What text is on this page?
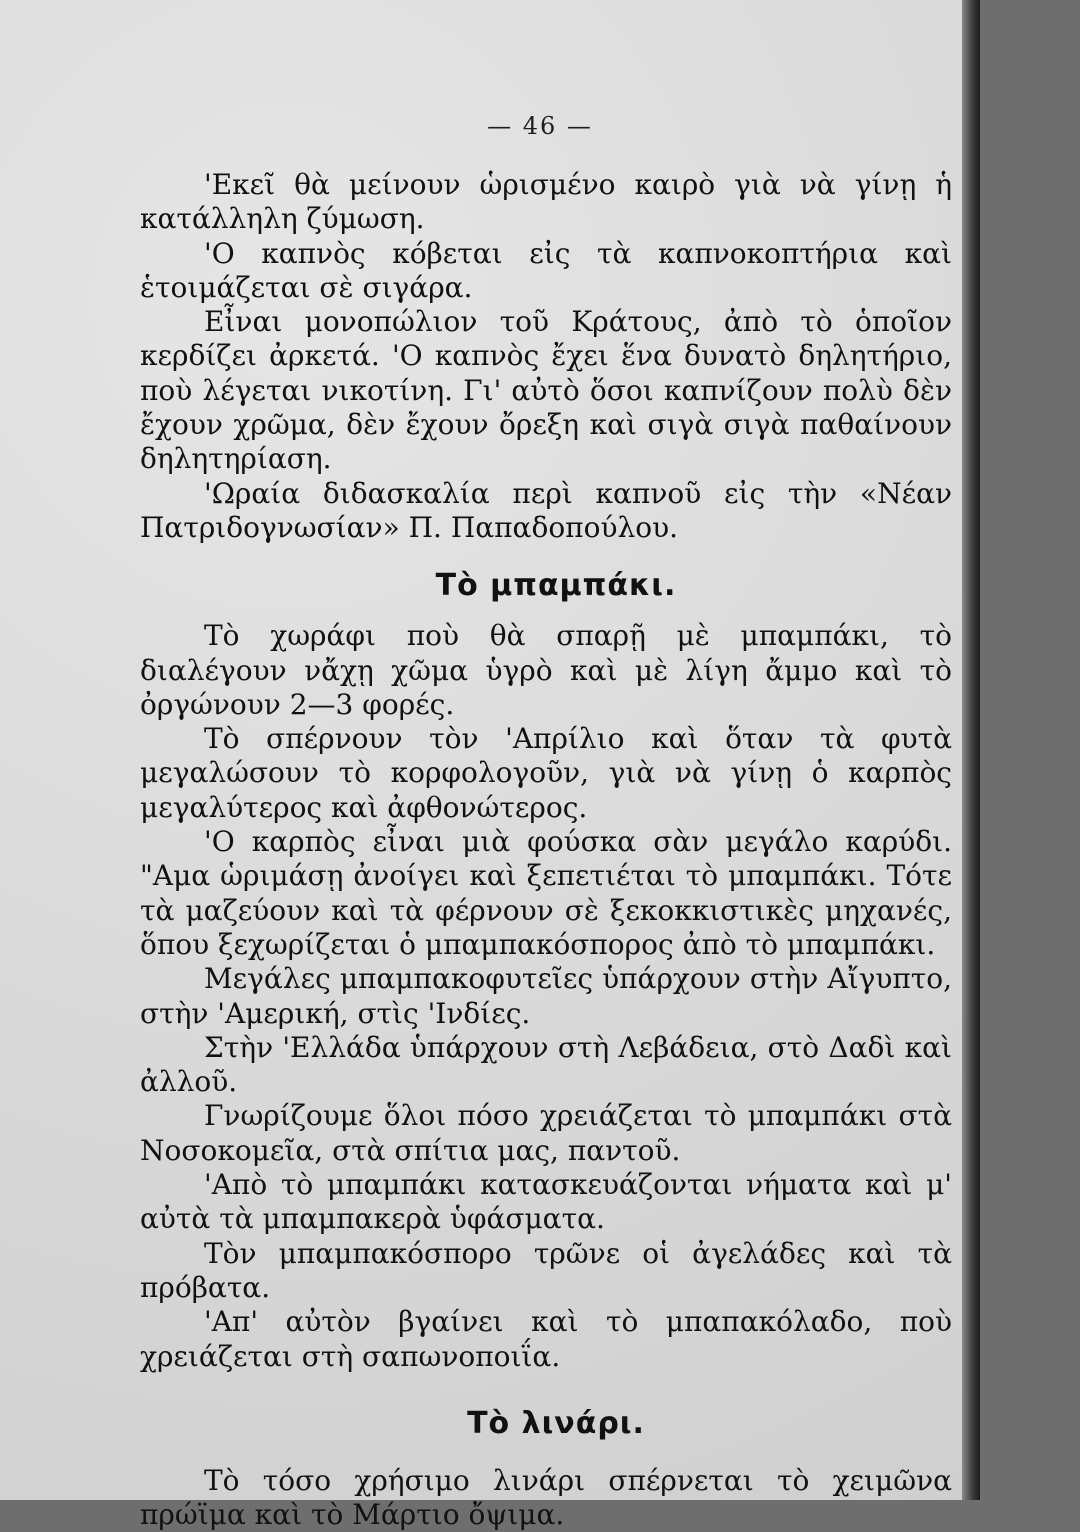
— 46 —

'Εκεῖ θὰ μείνουν ὡρισμένο καιρὸ γιὰ νὰ γίνῃ ἡ κατάλληλη ζύμωση.

'Ο καπνὸς κόβεται εἰς τὰ καπνοκοπτήρια καὶ ἑτοιμάζεται σὲ σιγάρα.

Εἶναι μονοπώλιον τοῦ Κράτους, ἀπὸ τὸ ὁποῖον κερδίζει ἀρκετά. 'Ο καπνὸς ἔχει ἕνα δυνατὸ δηλητήριο, ποὺ λέγεται νικοτίνη. Γι' αὐτὸ ὅσοι καπνίζουν πολὺ δὲν ἔχουν χρῶμα, δὲν ἔχουν ὄρεξη καὶ σιγὰ σιγὰ παθαίνουν δηλητηρίαση.

'Ωραία διδασκαλία περὶ καπνοῦ εἰς τὴν «Νέαν Πατριδογνωσίαν» Π. Παπαδοπούλου.

Τὸ μπαμπάκι.

Τὸ χωράφι ποὺ θὰ σπαρῇ μὲ μπαμπάκι, τὸ διαλέγουν νἄχῃ χῶμα ὑγρὸ καὶ μὲ λίγη ἄμμο καὶ τὸ ὀργώνουν 2—3 φορές.

Τὸ σπέρνουν τὸν 'Απρίλιο καὶ ὅταν τὰ φυτὰ μεγαλώσουν τὸ κορφολογοῦν, γιὰ νὰ γίνῃ ὁ καρπὸς μεγαλύτερος καὶ ἀφθονώτερος.

'Ο καρπὸς εἶναι μιὰ φούσκα σὰν μεγάλο καρύδι. "Αμα ὡριμάσῃ ἀνοίγει καὶ ξεπετιέται τὸ μπαμπάκι. Τότε τὰ μαζεύουν καὶ τὰ φέρνουν σὲ ξεκοκκιστικὲς μηχανές, ὅπου ξεχωρίζεται ὁ μπαμπακόσπορος ἀπὸ τὸ μπαμπάκι.

Μεγάλες μπαμπακοφυτεῖες ὑπάρχουν στὴν Αἴγυπτο, στὴν 'Αμερική, στὶς 'Ινδίες.

Στὴν 'Ελλάδα ὑπάρχουν στὴ Λεβάδεια, στὸ Δαδὶ καὶ ἀλλοῦ.

Γνωρίζουμε ὅλοι πόσο χρειάζεται τὸ μπαμπάκι στὰ Νοσοκομεῖα, στὰ σπίτια μας, παντοῦ.

'Απὸ τὸ μπαμπάκι κατασκευάζονται νήματα καὶ μ' αὐτὰ τὰ μπαμπακερὰ ὑφάσματα.

Τὸν μπαμπακόσπορο τρῶνε οἱ ἀγελάδες καὶ τὰ πρόβατα.

'Απ' αὐτὸν βγαίνει καὶ τὸ μπαπακόλαδο, ποὺ χρειάζεται στὴ σαπωνοποιΐα.

Τὸ λινάρι.

Τὸ τόσο χρήσιμο λινάρι σπέρνεται τὸ χειμῶνα πρώϊμα καὶ τὸ Μάρτιο ὄψιμα.
